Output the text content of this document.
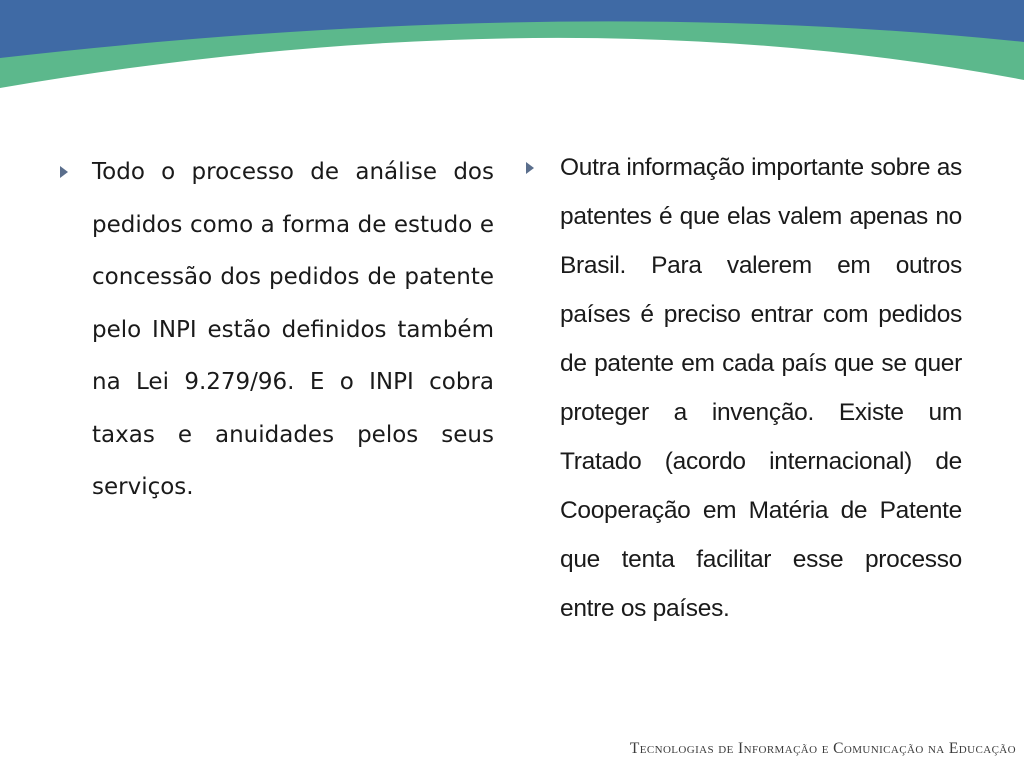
Todo o processo de análise dos pedidos como a forma de estudo e concessão dos pedidos de patente pelo INPI estão definidos também na Lei 9.279/96. E o INPI cobra taxas e anuidades pelos seus serviços.

Outra informação importante sobre as patentes é que elas valem apenas no Brasil. Para valerem em outros países é preciso entrar com pedidos de patente em cada país que se quer proteger a invenção. Existe um Tratado (acordo internacional) de Cooperação em Matéria de Patente que tenta facilitar esse processo entre os países.

Tecnologias de Informação e Comunicação na Educação
